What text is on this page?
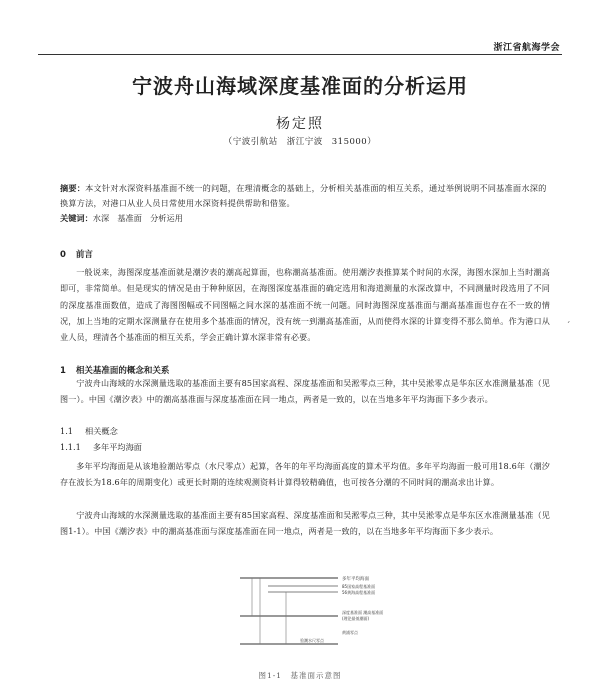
浙江省航海学会
宁波舟山海域深度基准面的分析运用
杨定照
（宁波引航站　浙江宁波　315000）
摘要：本文针对水深资料基准面不统一的问题，在理清概念的基础上，分析相关基准面的相互关系，通过举例说明不同基准面水深的换算方法，对港口从业人员日常使用水深资料提供帮助和借鉴。
关键词：水深　基准面　分析运用
0 前言

一般说来，海图深度基准面就是潮汐表的潮高起算面，也称潮高基准面。使用潮汐表推算某个时间的水深，海图水深加上当时潮高即可，非常简单。但是现实的情况是由于种种原因，在海图深度基准面的确定选用和海道测量的水深改算中，不同测量时段选用了不同的深度基准面数值，造成了海图图幅或不同图幅之间水深的基准面不统一问题。同时海图深度基准面与潮高基准面也存在不一致的情况，加上当地的定期水深测量存在使用多个基准面的情况，没有统一到潮高基准面，从而使得水深的计算变得不那么简单。作为港口从业人员，理清各个基准面的相互关系，学会正确计算水深非常有必要。

ˊ
1 相关基准面的概念和关系

宁波舟山海域的水深测量选取的基准面主要有85国家高程、深度基准面和吴淞零点三种，其中吴淞零点是华东区水准测量基准（见图一）。中国《潮汐表》中的潮高基准面与深度基准面在同一地点，两者是一致的，以在当地多年平均海面下多少表示。

1.1 相关概念
1.1.1 多年平均海面

多年平均海面是从该地验潮站零点（水尺零点）起算，各年的年平均海面高度的算术平均值。多年平均海面一般可用18.6年（潮汐存在波长为18.6年的周期变化）或更长时期的连续观测资料计算得较精确值，也可按各分潮的不同时间的潮高求出计算。

宁波舟山海域的水深测量选取的基准面主要有85国家高程、深度基准面和吴淞零点三种，其中吴淞零点是华东区水准测量基准（见图1-1）。中国《潮汐表》中的潮高基准面与深度基准面在同一地点，两者是一致的，以在当地多年平均海面下多少表示。

多年平均海面
85国家高程基准面
56黄海高程基准面
深度基准面 潮高基准面
(理论最低潮面)
黄浦零点
验潮水尺零点
图1-1　基准面示意图
